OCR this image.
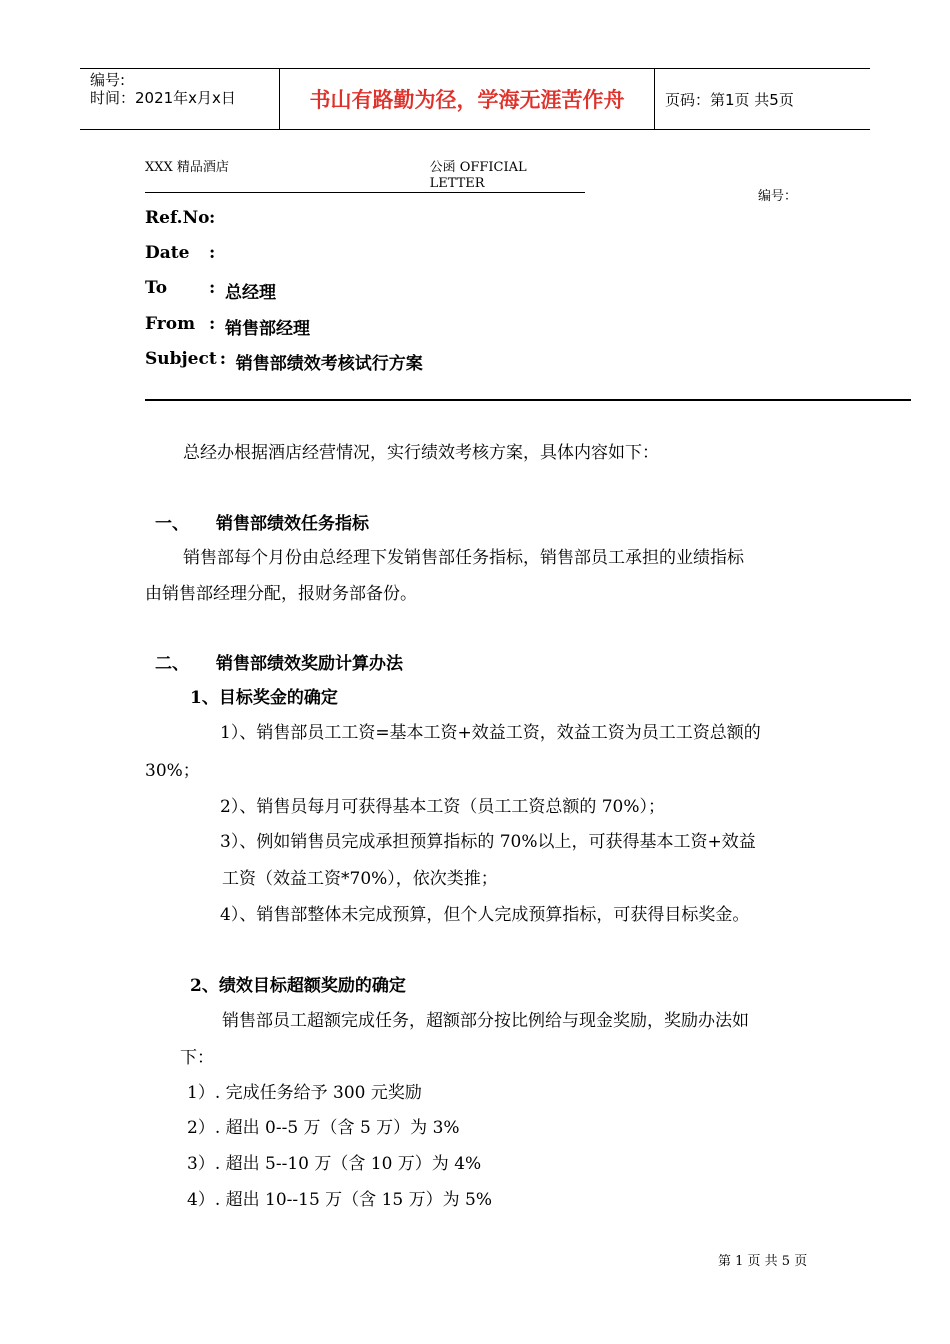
编号:
时间：2021年x月x日	书山有路勤为径，学海无涯苦作舟	页码：第1页 共5页
XXX 精品酒店	公函 OFFICIAL LETTER
编号：
Ref.No :
Date	:
To	: 总经理
From : 销售部经理
Subject : 销售部绩效考核试行方案
总经办根据酒店经营情况，实行绩效考核方案，具体内容如下：
一、 销售部绩效任务指标
销售部每个月份由总经理下发销售部任务指标，销售部员工承担的业绩指标
由销售部经理分配，报财务部备份。
二、 销售部绩效奖励计算办法
1、目标奖金的确定
1）、销售部员工工资=基本工资+效益工资，效益工资为员工工资总额的
30%；
2）、销售员每月可获得基本工资（员工工资总额的 70%）；
3）、例如销售员完成承担预算指标的 70%以上，可获得基本工资+效益
工资（效益工资*70%），依次类推；
4）、销售部整体未完成预算，但个人完成预算指标，可获得目标奖金。
2、绩效目标超额奖励的确定
销售部员工超额完成任务，超额部分按比例给与现金奖励，奖励办法如
下：
1）. 完成任务给予 300 元奖励
2）. 超出 0--5 万（含 5 万）为 3%
3）. 超出 5--10 万（含 10 万）为 4%
4）. 超出 10--15 万（含 15 万）为 5%
第 1 页 共 5 页
